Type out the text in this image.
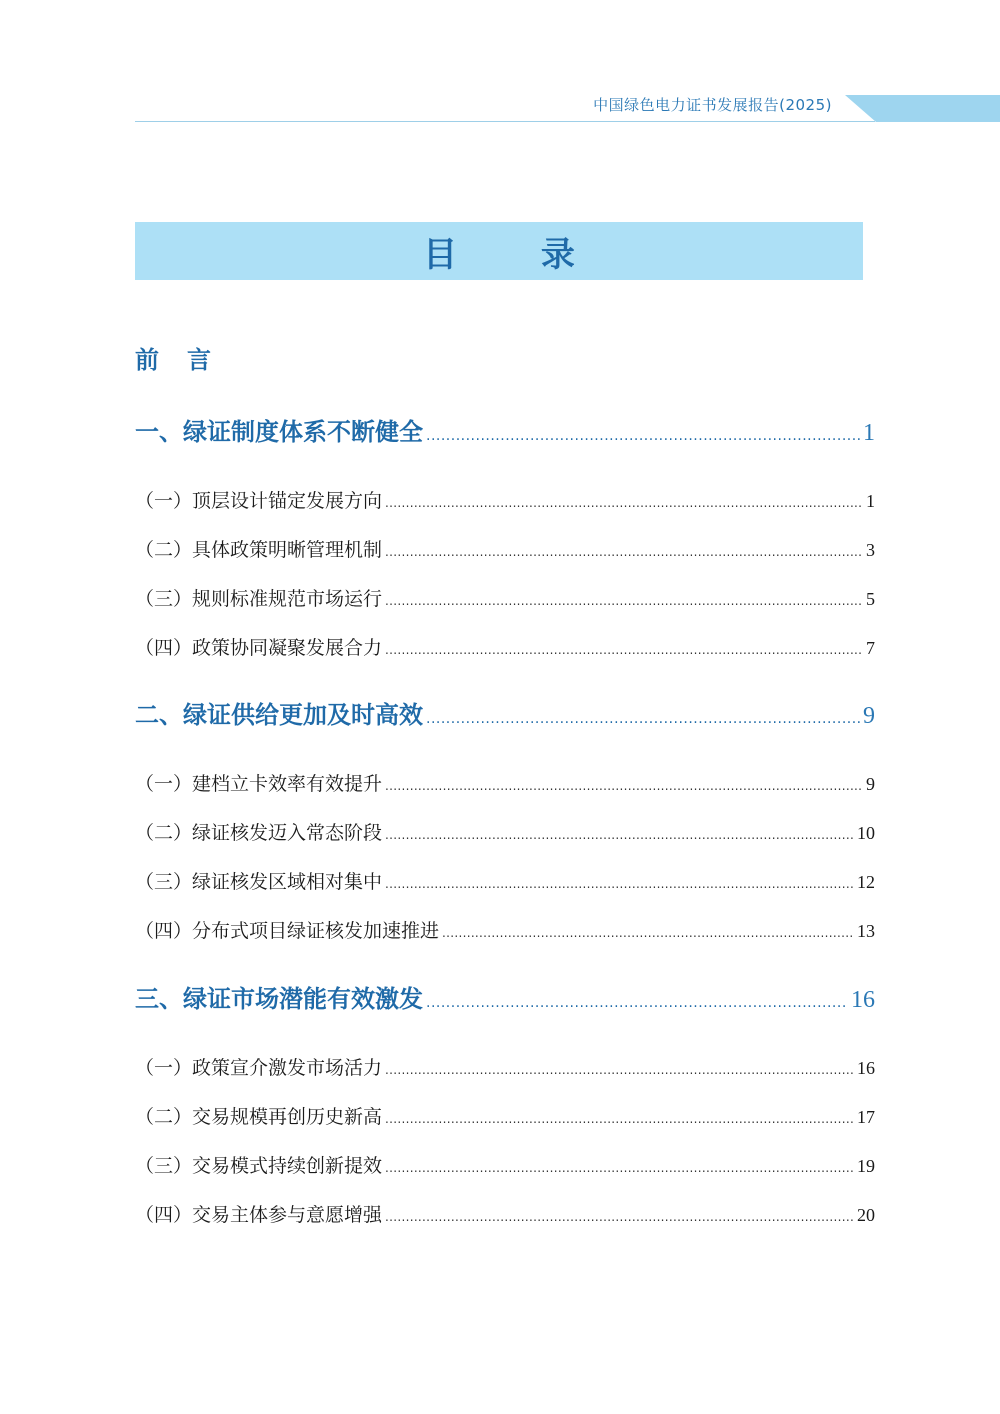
中国绿色电力证书发展报告(2025)
目 录
前言
一、绿证制度体系不断健全 .....	1
（一）顶层设计锚定发展方向 .....	1
（二）具体政策明晰管理机制 .....	3
（三）规则标准规范市场运行 .....	5
（四）政策协同凝聚发展合力 .....	7
二、绿证供给更加及时高效 .....	9
（一）建档立卡效率有效提升 .....	9
（二）绿证核发迈入常态阶段 .....	10
（三）绿证核发区域相对集中 .....	12
（四）分布式项目绿证核发加速推进 .....	13
三、绿证市场潜能有效激发 .....	16
（一）政策宣介激发市场活力 .....	16
（二）交易规模再创历史新高 .....	17
（三）交易模式持续创新提效 .....	19
（四）交易主体参与意愿增强 .....	20
